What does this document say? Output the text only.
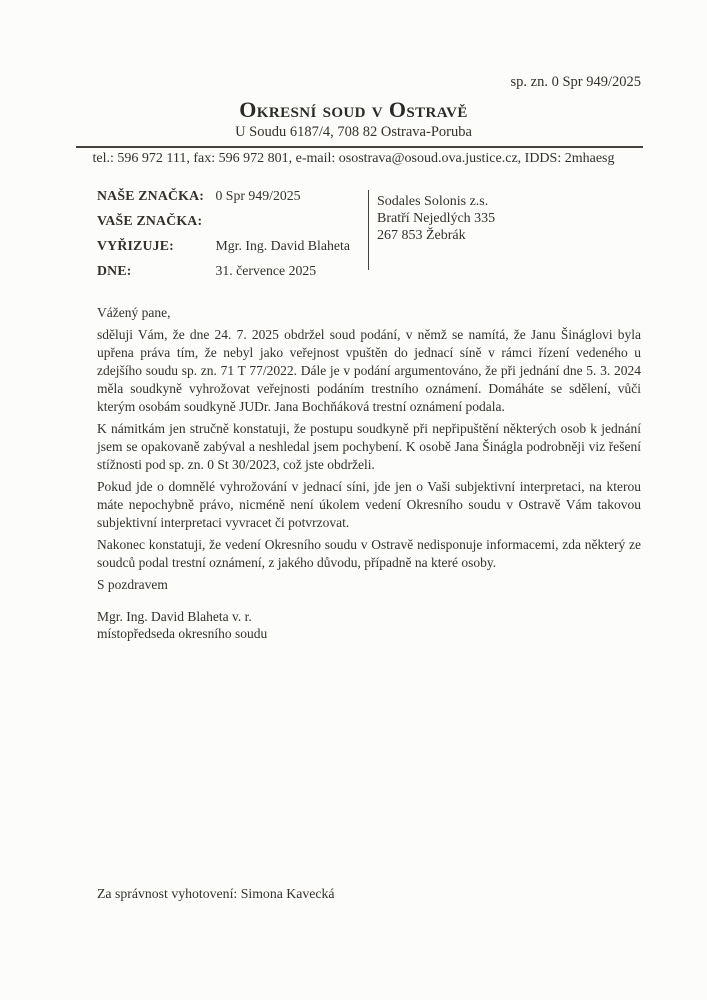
sp. zn. 0 Spr 949/2025
Okresní soud v Ostravě
U Soudu 6187/4, 708 82 Ostrava-Poruba
tel.: 596 972 111, fax: 596 972 801, e-mail: osostrava@osoud.ova.justice.cz, IDDS: 2mhaesg
NAŠE ZNAČKA: 0 Spr 949/2025
VAŠE ZNAČKA:
VYŘIZUJE:	Mgr. Ing. David Blaheta
DNE:	31. července 2025
Sodales Solonis z.s.
Bratří Nejedlých 335
267 853 Žebrák

Vážený pane,

sděluji Vám, že dne 24. 7. 2025 obdržel soud podání, v němž se namítá, že Janu Šináglovi byla upřena práva tím, že nebyl jako veřejnost vpuštěn do jednací síně v rámci řízení vedeného u zdejšího soudu sp. zn. 71 T 77/2022. Dále je v podání argumentováno, že při jednání dne 5. 3. 2024 měla soudkyně vyhrožovat veřejnosti podáním trestního oznámení. Domáháte se sdělení, vůči kterým osobám soudkyně JUDr. Jana Bochňáková trestní oznámení podala.

K námitkám jen stručně konstatuji, že postupu soudkyně při nepřipuštění některých osob k jednání jsem se opakovaně zabýval a neshledal jsem pochybení. K osobě Jana Šinágla podrobněji viz řešení stížnosti pod sp. zn. 0 St 30/2023, což jste obdrželi.

Pokud jde o domnělé vyhrožování v jednací síni, jde jen o Vaši subjektivní interpretaci, na kterou máte nepochybně právo, nicméně není úkolem vedení Okresního soudu v Ostravě Vám takovou subjektivní interpretaci vyvracet či potvrzovat.

Nakonec konstatuji, že vedení Okresního soudu v Ostravě nedisponuje informacemi, zda některý ze soudců podal trestní oznámení, z jakého důvodu, případně na které osoby.

S pozdravem

Mgr. Ing. David Blaheta v. r.
místopředseda okresního soudu
Za správnost vyhotovení: Simona Kavecká
